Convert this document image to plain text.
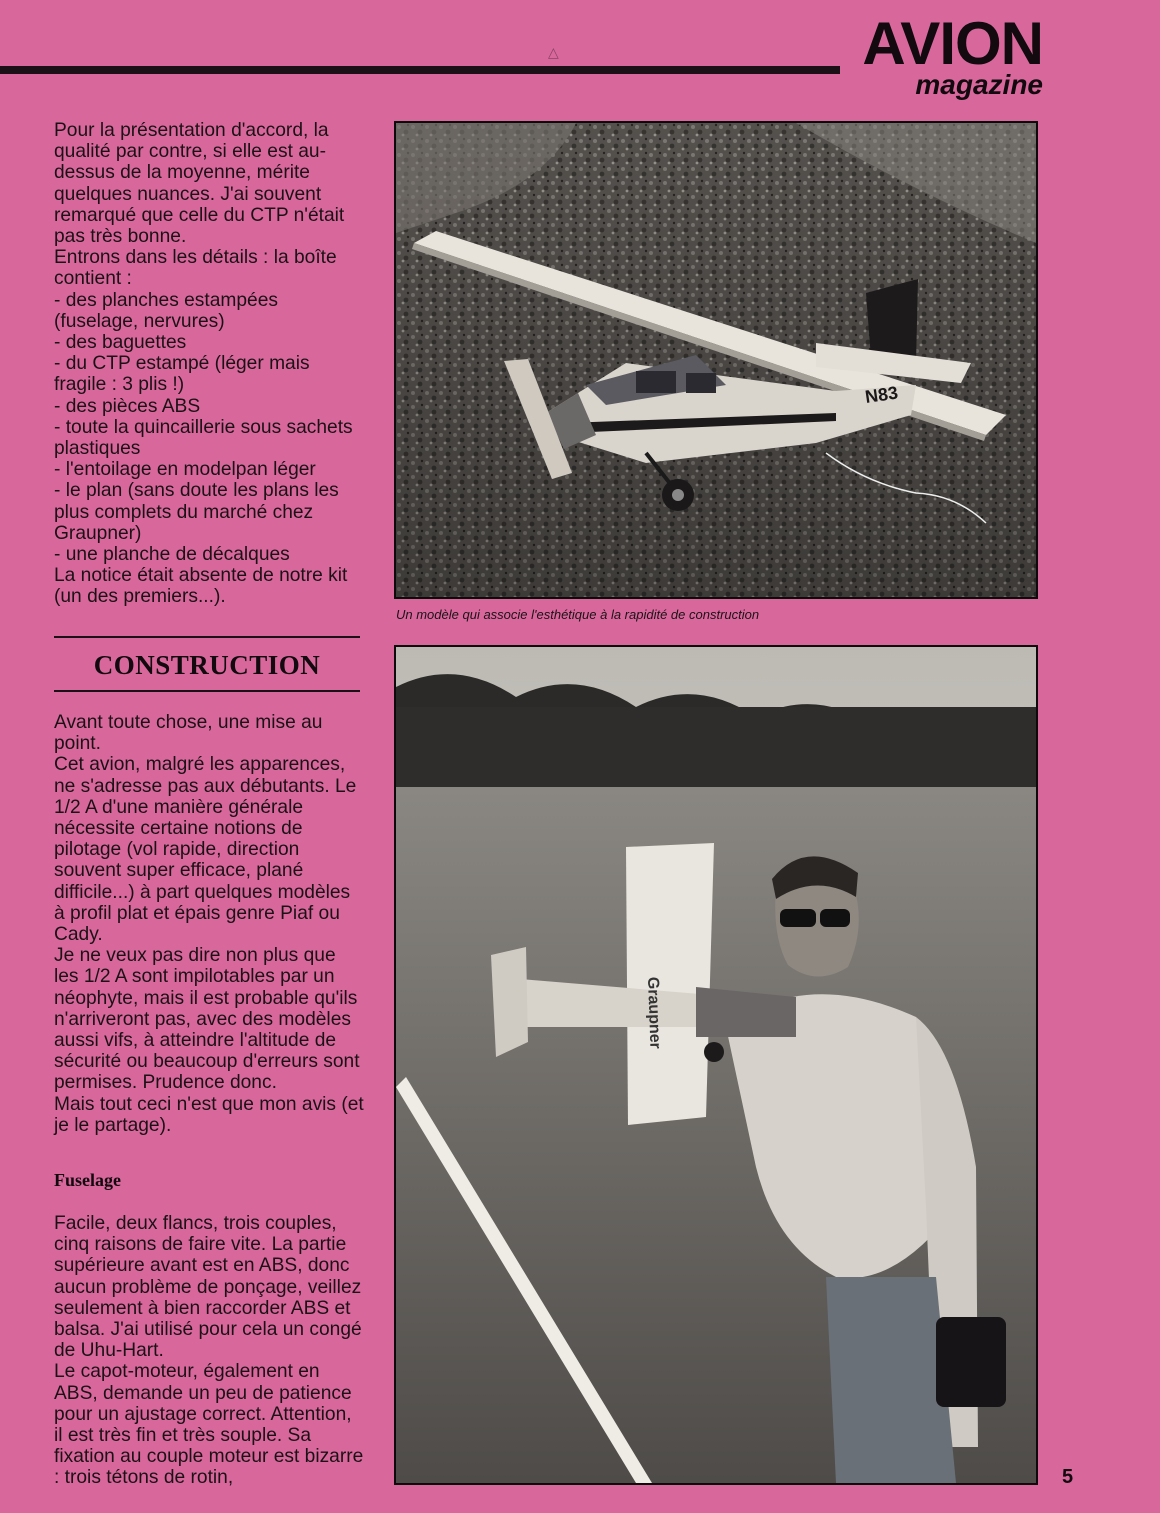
△	AVION
magazine

Pour la présentation d'accord, la qualité par contre, si elle est au-dessus de la moyenne, mérite quelques nuances. J'ai souvent remarqué que celle du CTP n'était pas très bonne.

Entrons dans les détails : la boîte contient :

- des planches estampées (fuselage, nervures)
- des baguettes
- du CTP estampé (léger mais fragile : 3 plis !)
- des pièces ABS
- toute la quincaillerie sous sachets plastiques
- l'entoilage en modelpan léger
- le plan (sans doute les plans les plus complets du marché chez Graupner)
- une planche de décalques

La notice était absente de notre kit (un des premiers...).

N83
Un modèle qui associe l'esthétique à la rapidité de construction
CONSTRUCTION

Avant toute chose, une mise au point.

Cet avion, malgré les apparences, ne s'adresse pas aux débutants. Le 1/2 A d'une manière générale nécessite certaine notions de pilotage (vol rapide, direction souvent super efficace, plané difficile...) à part quelques modèles à profil plat et épais genre Piaf ou Cady.

Je ne veux pas dire non plus que les 1/2 A sont impilotables par un néophyte, mais il est probable qu'ils n'arriveront pas, avec des modèles aussi vifs, à atteindre l'altitude de sécurité ou beaucoup d'erreurs sont permises. Prudence donc.

Mais tout ceci n'est que mon avis (et je le partage).

Fuselage

Facile, deux flancs, trois couples, cinq raisons de faire vite. La partie supérieure avant est en ABS, donc aucun problème de ponçage, veillez seulement à bien raccorder ABS et balsa. J'ai utilisé pour cela un congé de Uhu-Hart.

Le capot-moteur, également en ABS, demande un peu de patience pour un ajustage correct. Attention, il est très fin et très souple. Sa fixation au couple moteur est bizarre : trois tétons de rotin,

Graupner
5
